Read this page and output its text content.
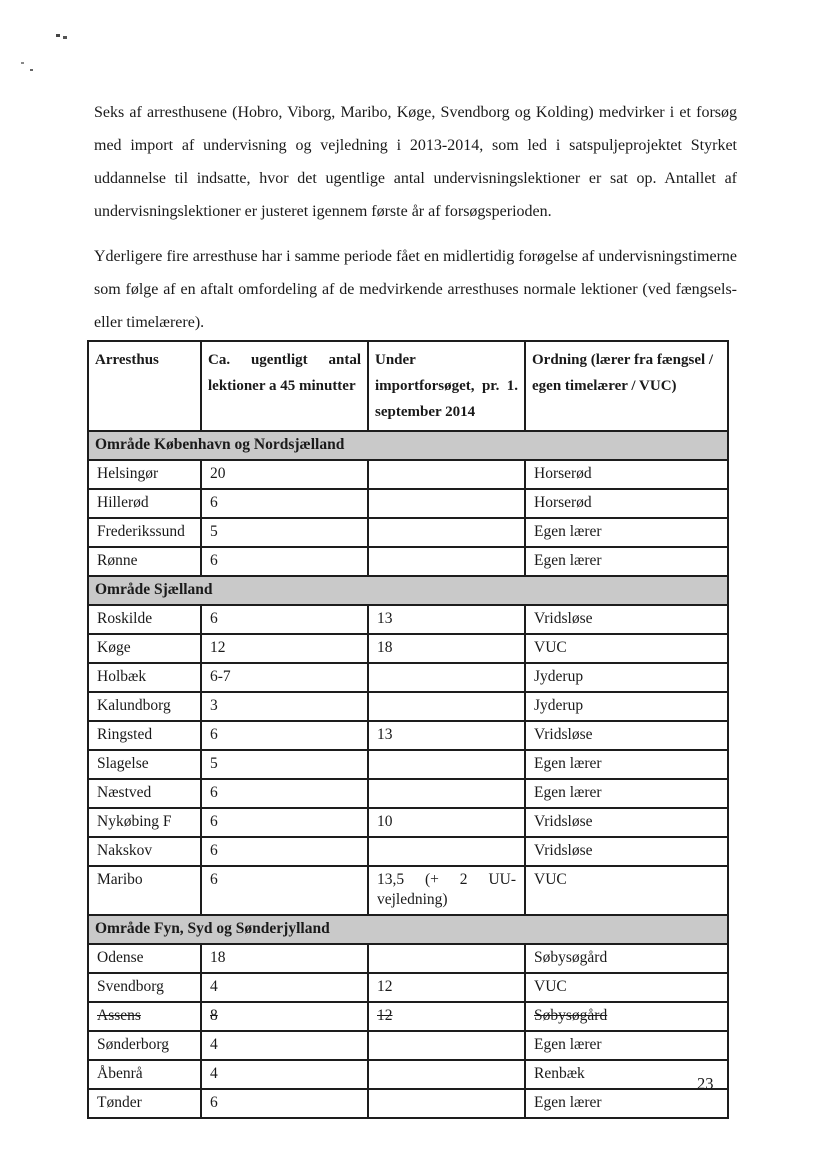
Seks af arresthusene (Hobro, Viborg, Maribo, Køge, Svendborg og Kolding) medvirker i et forsøg med import af undervisning og vejledning i 2013-2014, som led i satspuljeprojektet Styrket uddannelse til indsatte, hvor det ugentlige antal undervisningslektioner er sat op. Antallet af undervisningslektioner er justeret igennem første år af forsøgsperioden.

Yderligere fire arresthuse har i samme periode fået en midlertidig forøgelse af undervisningstimerne som følge af en aftalt omfordeling af de medvirkende arresthuses normale lektioner (ved fængsels- eller timelærere).

Arresthus	Ca. ugentligt antal lektioner a 45 minutter	Under importforsøget, pr. 1. september 2014	Ordning (lærer fra fængsel / egen timelærer / VUC)
Område København og Nordsjælland			
Helsingør	20		Horserød
Hillerød	6		Horserød
Frederikssund	5		Egen lærer
Rønne	6		Egen lærer
Område Sjælland			
Roskilde	6	13	Vridsløse
Køge	12	18	VUC
Holbæk	6-7		Jyderup
Kalundborg	3		Jyderup
Ringsted	6	13	Vridsløse
Slagelse	5		Egen lærer
Næstved	6		Egen lærer
Nykøbing F	6	10	Vridsløse
Nakskov	6		Vridsløse
Maribo	6	13,5 (+ 2 UU-vejledning)	VUC
Område Fyn, Syd og Sønderjylland			
Odense	18		Søbysøgård
Svendborg	4	12	VUC
Assens	8	12	Søbysøgård
Sønderborg	4		Egen lærer
Åbenrå	4		Renbæk
Tønder	6		Egen lærer
23
